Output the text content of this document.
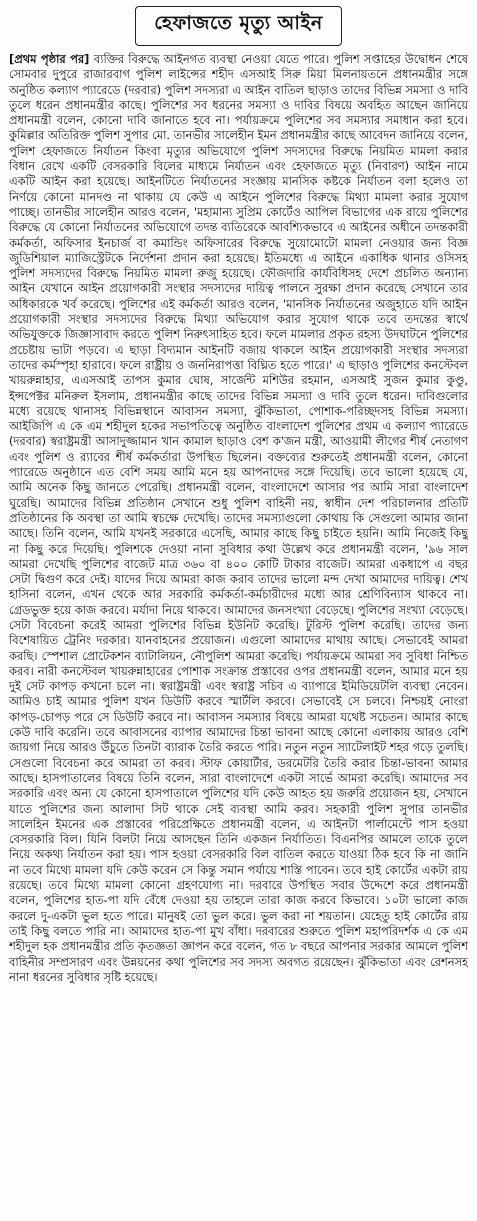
হেফাজতে মৃত্যু আইন
[প্রথম পৃষ্ঠার পর] ব্যক্তির বিরুদ্ধে আইনগত ব্যবস্থা নেওয়া যেতে পারে। পুলিশ সপ্তাহের উদ্বোধন শেষে সোমবার দুপুরে রাজারবাগ পুলিশ লাইন্সের শহীদ এসআই সিরু মিয়া মিলনায়তনে প্রধানমন্ত্রীর সঙ্গে অনুষ্ঠিত কল্যাণ প্যারেডে (দরবার) পুলিশ সদস্যরা এ আইন বাতিল ছাড়াও তাদের বিভিন্ন সমস্যা ও দাবি তুলে ধরেন প্রধানমন্ত্রীর কাছে। পুলিশের সব ধরনের সমস্যা ও দাবির বিষয়ে অবহিত আছেন জানিয়ে প্রধানমন্ত্রী বলেন, কোনো দাবি জানাতে হবে না। পর্যায়ক্রমে পুলিশের সব সমস্যার সমাধান করা হবে। কুমিল্লার অতিরিক্ত পুলিশ সুপার মো. তানভীর সালেহীন ইমন প্রধানমন্ত্রীর কাছে আবেদন জানিয়ে বলেন, পুলিশ হেফাজতে নির্যাতন কিংবা মৃত্যুর অভিযোগে পুলিশ সদস্যদের বিরুদ্ধে নিয়মিত মামলা করার বিধান রেখে একটি বেসরকারি বিলের মাধ্যমে নির্যাতন এবং হেফাজতে মৃত্যু (নিবারণ) আইন নামে একটি আইন করা হয়েছে। আইনটিতে নির্যাতনের সংজ্ঞায় মানসিক কষ্টকে নির্যাতন বলা হলেও তা নির্ণয়ে কোনো মানদণ্ড না থাকায় যে কেউ এ আইনে পুলিশের বিরুদ্ধে মিথ্যা মামলা করার সুযোগ পাচ্ছে। তানভীর সালেহীন আরও বলেন, 'মহামান্য সুপ্রিম কোর্টেও আপিল বিভাগের এক রায়ে পুলিশের বিরুদ্ধে যে কোনো নির্যাতনের অভিযোগে তদন্ত ব্যতিরেকে আবশ্যিকভাবে এ আইনের অধীনে তদন্তকারী কর্মকর্তা, অফিসার ইনচার্জ বা কমান্ডিং অফিসারের বিরুদ্ধে সুয়োমোটো মামলা নেওয়ার জন্য বিজ্ঞ জুডিশিয়াল ম্যাজিস্ট্রেটকে নির্দেশনা প্রদান করা হয়েছে। ইতিমধ্যে এ আইনে একাধিক থানার ওসিসহ পুলিশ সদস্যদের বিরুদ্ধে নিয়মিত মামলা রুজু হয়েছে। ফৌজদারি কার্যবিধিসহ দেশে প্রচলিত অন্যান্য আইন যেখানে আইন প্রয়োগকারী সংস্থার সদস্যদের দায়িত্ব পালনে সুরক্ষা প্রদান করেছে সেখানে তার অধিকারকে খর্ব করেছে। পুলিশের এই কর্মকর্তা আরও বলেন, 'মানসিক নির্যাতনের অজুহাতে যদি আইন প্রয়োগকারী সংস্থার সদস্যদের বিরুদ্ধে মিথ্যা অভিযোগ করার সুযোগ থাকে তবে তদন্তের স্বার্থে অভিযুক্তকে জিজ্ঞাসাবাদ করতে পুলিশ নিরুৎসাহিত হবে। ফলে মামলার প্রকৃত রহস্য উদঘাটনে পুলিশের প্রচেষ্টায় ভাটা পড়বে। এ ছাড়া বিদ্যমান আইনটি বজায় থাকলে আইন প্রয়োগকারী সংস্থার সদস্যরা তাদের কর্মস্পৃহা হারাবে। ফলে রাষ্ট্রীয় ও জননিরাপত্তা বিঘ্নিত হতে পারে।' এ ছাড়াও পুলিশের কনস্টেবল খায়রুন্নাহার, এএসআই তাপস কুমার ঘোষ, সার্জেন্ট মশিউর রহমান, এসআই সুজন কুমার কুণ্ডু, ইন্সপেক্টর মনিরুল ইসলাম, প্রধানমন্ত্রীর কাছে তাদের বিভিন্ন সমস্যা ও দাবি তুলে ধরেন। দাবিগুলোর মধ্যে রয়েছে থানাসহ বিভিন্নস্থানে আবাসন সমস্যা, ঝুঁকিভাতা, পোশাক-পরিচ্ছদসহ বিভিন্ন সমস্যা। আইজিপি এ কে এম শহীদুল হকের সভাপতিত্বে অনুষ্ঠিত বাংলাদেশ পুলিশের প্রথম এ কল্যাণ প্যারেডে (দরবার) স্বরাষ্ট্রমন্ত্রী আসাদুজ্জামান খান কামাল ছাড়াও বেশ ক'জন মন্ত্রী, আওয়ামী লীগের শীর্ষ নেতাগণ এবং পুলিশ ও র‌্যাবের শীর্ষ কর্মকর্তারা উপস্থিত ছিলেন। বক্তব্যের শুরুতেই প্রধানমন্ত্রী বলেন, কোনো প্যারেডে অনুষ্ঠানে এত বেশি সময় আমি মনে হয় আপনাদের সঙ্গে দিয়েছি। তবে ভালো হয়েছে যে, আমি অনেক কিছু জানতে পেরেছি। প্রধানমন্ত্রী বলেন, বাংলাদেশে আসার পর আমি সারা বাংলাদেশ ঘুরেছি। আমাদের বিভিন্ন প্রতিষ্ঠান সেখানে শুধু পুলিশ বাহিনী নয়, স্বাধীন দেশ পরিচালনার প্রতিটি প্রতিষ্ঠানের কি অবস্থা তা আমি স্বচক্ষে দেখেছি। তাদের সমস্যাগুলো কোথায় কি সেগুলো আমার জানা আছে। তিনি বলেন, আমি যখনই সরকারে এসেছি, আমার কাছে কিছু চাইতে হয়নি। আমি নিজেই কিছু না কিছু করে দিয়েছি। পুলিশকে দেওয়া নানা সুবিধার কথা উল্লেখ করে প্রধানমন্ত্রী বলেন, '৯৬ সাল আমরা দেখেছি পুলিশের বাজেট মাত্র ৩৬০ বা ৪০০ কোটি টাকার বাজেট। আমরা একধাপে এ বছর সেটা দ্বিগুণ করে দেই। যাদের দিয়ে আমরা কাজ করাব তাদের ভালো মন্দ দেখা আমাদের দায়িত্ব। শেখ হাসিনা বলেন, এখন থেকে আর সরকারি কর্মকর্তা-কর্মচারীদের মধ্যে আর শ্রেণিবিন্যাস থাকবে না। গ্রেডভুক্ত হয়ে কাজ করবে। মর্যাদা নিয়ে থাকবে। আমাদের জনসংখ্যা বেড়েছে। পুলিশের সংখ্যা বেড়েছে। সেটা বিবেচনা করেই আমরা পুলিশের বিভিন্ন ইউনিট করেছি। টুরিস্ট পুলিশ করেছি। তাদের জন্য বিশেষায়িত ট্রেনিং দরকার। যানবাহনের প্রয়োজন। এগুলো আমাদের মাথায় আছে। সেভাবেই আমরা করছি। স্পেশাল প্রোটেকশন ব্যাটালিয়ন, নৌপুলিশ আমরা করেছি। পর্যায়ক্রমে আমরা সব সুবিধা নিশ্চিত করব। নারী কনস্টেবল খায়রুন্নাহারের পোশাক সংক্রান্ত প্রস্তাবের ওপর প্রধানমন্ত্রী বলেন, আমার মনে হয় দুই সেট কাপড় কখনো চলে না। স্বরাষ্ট্রমন্ত্রী এবং স্বরাষ্ট্র সচিব এ ব্যাপারে ইমিডিয়েটলি ব্যবস্থা নেবেন। আমিও চাই আমার পুলিশ যখন ডিউটি করবে স্মার্টলি করবে। সেভাবেই সে চলবে। নিশ্চয়ই নোংরা কাপড়-চোপড় পরে সে ডিউটি করবে না। আবাসন সমস্যার বিষয়ে আমরা যথেষ্ট সচেতন। আমার কাছে কেউ দাবি করেনি। তবে আবাসনের ব্যাপার আমাদের চিন্তা ভাবনা আছে কোনো এলাকায় আরও বেশি জায়গা নিয়ে আরও উঁচুতে তিনটা ব্যারাক তৈরি করতে পারি। নতুন নতুন স্যাটেলাইট শহর গড়ে তুলছি। সেগুলো বিবেচনা করে আমরা তা করব। স্টাফ কোয়ার্টার, ডরমেটরি তৈরি করার চিন্তা-ভাবনা আমার আছে। হাসপাতালের বিষয়ে তিনি বলেন, সারা বাংলাদেশে একটা সার্ভে আমরা করেছি। আমাদের সব সরকারি এবং অন্য যে কোনো হাসপাতালে পুলিশের যদি কেউ আহত হয় জরুরি প্রয়োজন হয়, সেখানে যাতে পুলিশের জন্য আলাদা সিট থাকে সেই ব্যবস্থা আমি করব। সহকারী পুলিশ সুপার তানভীর সালেহিন ইমনের এক প্রস্তাবের পরিপ্রেক্ষিতে প্রধানমন্ত্রী বলেন, এ আইনটা পার্লামেন্টে পাস হওয়া বেসরকারি বিল। যিনি বিলটা নিয়ে আসছেন তিনি একজন নির্যাতিত। বিএনপির আমলে তাকে তুলে নিয়ে অকথ্য নির্যাতন করা হয়। পাস হওয়া বেসরকারি বিল বাতিল করতে যাওয়া ঠিক হবে কি না জানি না তবে মিথ্যে মামলা যদি কেউ করেন সে কিন্তু সমান পর্যায়ে শাস্তি পাবেন। তবে হাই কোর্টের একটা রায় রয়েছে। তবে মিথ্যে মামলা কোনো গ্রহণযোগ্য না। দরবারে উপস্থিত সবার উদ্দেশে করে প্রধানমন্ত্রী বলেন, পুলিশের হাত-পা যদি বেঁধে দেওয়া হয় তাহলে তারা কাজ করবে কিভাবে। ১০টা ভালো কাজ করলে দু-একটা ভুল হতে পারে। মানুষই তো ভুল করে। ভুল করা না শয়তান। যেহেতু হাই কোর্টের রায় তাই কিছু বলতে পারি না। আমাদের হাত-পা মুখ বাঁধা। দরবারের শুরুতে পুলিশ মহাপরিদর্শক এ কে এম শহীদুল হক প্রধানমন্ত্রীর প্রতি কৃতজ্ঞতা জ্ঞাপন করে বলেন, গত ৮ বছরে আপনার সরকার আমলে পুলিশ বাহিনীর সম্প্রসারণ এবং উন্নয়নের কথা পুলিশের সব সদস্য অবগত রয়েছেন। ঝুঁকিভাতা এবং রেশনসহ নানা ধরনের সুবিধার সৃষ্টি হয়েছে।
